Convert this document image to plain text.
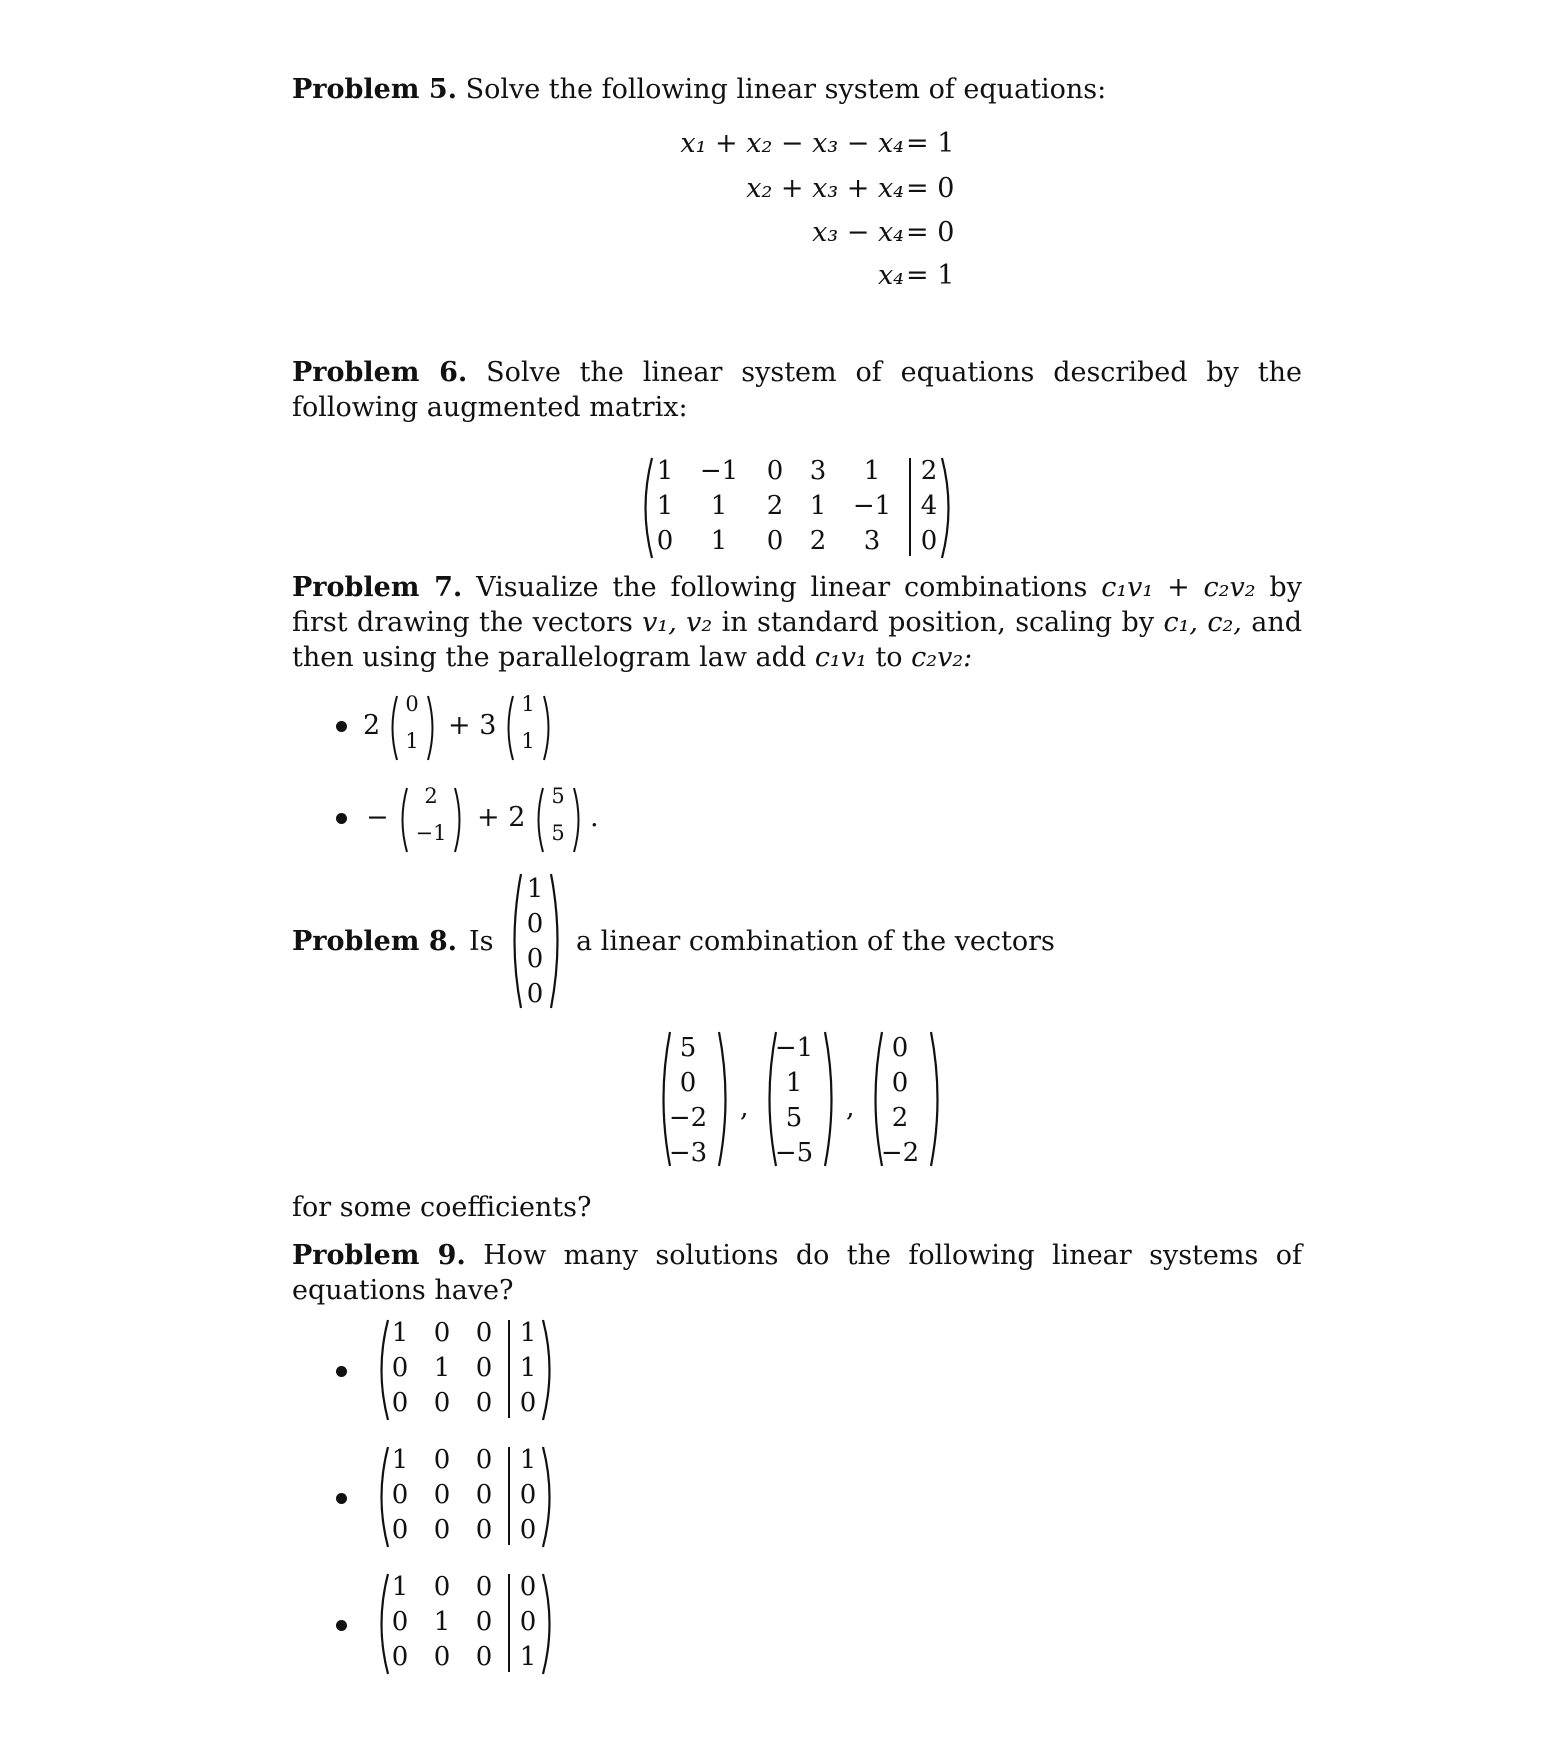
Problem 5. Solve the following linear system of equations:
x₁ + x₂ − x₃ − x₄ = 1
x₂ + x₃ + x₄ = 0
x₃ − x₄ = 0
x₄ = 1
Problem 6. Solve the linear system of equations described by the following augmented matrix:
1	−1	0	3	1	2
1	1	2	1	−1	4
0	1	0	2	3	0
Problem 7. Visualize the following linear combinations c₁v₁ + c₂v₂ by first drawing the vectors v₁, v₂ in standard position, scaling by c₁, c₂, and then using the parallelogram law add c₁v₁ to c₂v₂:
2
0
1	+ 3
1
1
−
2
−1	+ 2
5
5 .
Problem 8. Is
1
0
0
0
a linear combination of the vectors
5
0
−2
−3
,
−1
1
5
−5
,
0
0
2
−2
for some coefficients?
Problem 9. How many solutions do the following linear systems of equations have?
1 0 0	1
0 1 0	1
0 0 0	0
1 0 0	1
0 0 0	0
0 0 0	0
1 0 0	0
0 1 0	0
0 0 0	1
